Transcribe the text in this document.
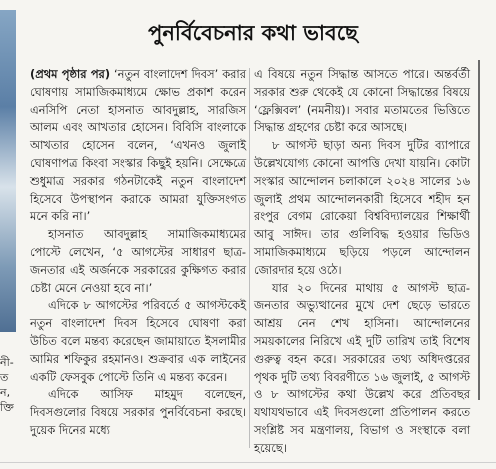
নী-
ত
ন,
ক্তি
পুনর্বিবেচনার কথা ভাবছে

(প্রথম পৃষ্ঠার পর) ‘নতুন বাংলাদেশ দিবস’ করার ঘোষণায় সামাজিকমাধ্যমে ক্ষোভ প্রকাশ করেন এনসিপি নেতা হাসনাত আবদুল্লাহ, সারজিস আলম এবং আখতার হোসেন। বিবিসি বাংলাকে আখতার হোসেন বলেন, ‘এখনও জুলাই ঘোষণাপত্র কিংবা সংস্কার কিছুই হয়নি। সেক্ষেত্রে শুধুমাত্র সরকার গঠনটাকেই নতুন বাংলাদেশ হিসেবে উপস্থাপন করাকে আমরা যুক্তিসংগত মনে করি না।’

হাসনাত আবদুল্লাহ সামাজিকমাধ্যমের পোস্টে লেখেন, ‘৫ আগস্টের সাধারণ ছাত্র-জনতার এই অর্জনকে সরকারের কুক্ষিগত করার চেষ্টা মেনে নেওয়া হবে না।’

এদিকে ৮ আগস্টের পরিবর্তে ৫ আগস্টকেই নতুন বাংলাদেশ দিবস হিসেবে ঘোষণা করা উচিত বলে মন্তব্য করেছেন জামায়াতে ইসলামীর আমির শফিকুর রহমানও। শুক্রবার এক লাইনের একটি ফেসবুক পোস্টে তিনি এ মন্তব্য করেন।

এদিকে আসিফ মাহমুদ বলেছেন, দিবসগুলোর বিষয়ে সরকার পুনর্বিবেচনা করছে। দুয়েক দিনের মধ্যে

এ বিষয়ে নতুন সিদ্ধান্ত আসতে পারে। অন্তর্বর্তী সরকার শুরু থেকেই যে কোনো সিদ্ধান্তের বিষয়ে ‘ফ্লেক্সিবল’ (নমনীয়)। সবার মতামতের ভিত্তিতে সিদ্ধান্ত গ্রহণের চেষ্টা করে আসছে।

৮ আগস্ট ছাড়া অন্য দিবস দুটির ব্যাপারে উল্লেখযোগ্য কোনো আপত্তি দেখা যায়নি। কোটা সংস্কার আন্দোলন চলাকালে ২০২৪ সালের ১৬ জুলাই প্রথম আন্দোলনকারী হিসেবে শহীদ হন রংপুর বেগম রোকেয়া বিশ্ববিদ্যালয়ের শিক্ষার্থী আবু সাঈদ। তার গুলিবিদ্ধ হওয়ার ভিডিও সামাজিকমাধ্যমে ছড়িয়ে পড়লে আন্দোলন জোরদার হয়ে ওঠে।

যার ২০ দিনের মাথায় ৫ আগস্ট ছাত্র-জনতার অভ্যুত্থানের মুখে দেশ ছেড়ে ভারতে আশ্রয় নেন শেখ হাসিনা। আন্দোলনের সময়কালের নিরিখে এই দুটি তারিখ তাই বিশেষ গুরুত্ব বহন করে। সরকারের তথ্য অধিদপ্তরের পৃথক দুটি তথ্য বিবরণীতে ১৬ জুলাই, ৫ আগস্ট ও ৮ আগস্টের কথা উল্লেখ করে প্রতিবছর যথাযথভাবে এই দিবসগুলো প্রতিপালন করতে সংশ্লিষ্ট সব মন্ত্রণালয়, বিভাগ ও সংস্থাকে বলা হয়েছে।
